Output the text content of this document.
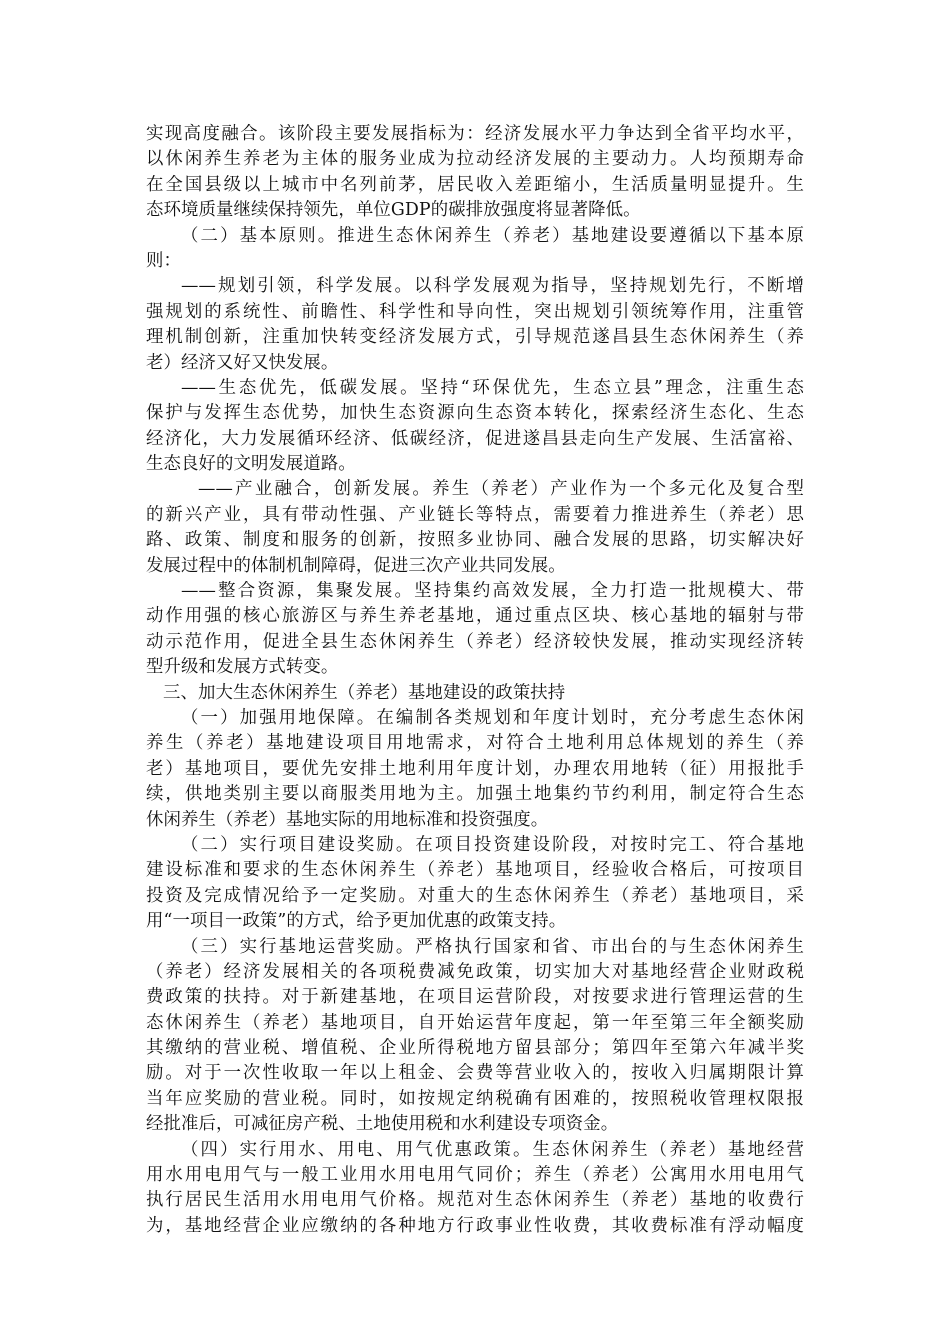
实现高度融合。该阶段主要发展指标为：经济发展水平力争达到全省平均水平，
以休闲养生养老为主体的服务业成为拉动经济发展的主要动力。人均预期寿命
在全国县级以上城市中名列前茅，居民收入差距缩小，生活质量明显提升。生
态环境质量继续保持领先，单位GDP的碳排放强度将显著降低。
（二）基本原则。推进生态休闲养生（养老）基地建设要遵循以下基本原
则：
——规划引领，科学发展。以科学发展观为指导，坚持规划先行，不断增
强规划的系统性、前瞻性、科学性和导向性，突出规划引领统筹作用，注重管
理机制创新，注重加快转变经济发展方式，引导规范遂昌县生态休闲养生（养
老）经济又好又快发展。
——生态优先，低碳发展。坚持“环保优先，生态立县”理念，注重生态
保护与发挥生态优势，加快生态资源向生态资本转化，探索经济生态化、生态
经济化，大力发展循环经济、低碳经济，促进遂昌县走向生产发展、生活富裕、
生态良好的文明发展道路。
——产业融合，创新发展。养生（养老）产业作为一个多元化及复合型
的新兴产业，具有带动性强、产业链长等特点，需要着力推进养生（养老）思
路、政策、制度和服务的创新，按照多业协同、融合发展的思路，切实解决好
发展过程中的体制机制障碍，促进三次产业共同发展。
——整合资源，集聚发展。坚持集约高效发展，全力打造一批规模大、带
动作用强的核心旅游区与养生养老基地，通过重点区块、核心基地的辐射与带
动示范作用，促进全县生态休闲养生（养老）经济较快发展，推动实现经济转
型升级和发展方式转变。
三、加大生态休闲养生（养老）基地建设的政策扶持
（一）加强用地保障。在编制各类规划和年度计划时，充分考虑生态休闲
养生（养老）基地建设项目用地需求，对符合土地利用总体规划的养生（养
老）基地项目，要优先安排土地利用年度计划，办理农用地转（征）用报批手
续，供地类别主要以商服类用地为主。加强土地集约节约利用，制定符合生态
休闲养生（养老）基地实际的用地标准和投资强度。
（二）实行项目建设奖励。在项目投资建设阶段，对按时完工、符合基地
建设标准和要求的生态休闲养生（养老）基地项目，经验收合格后，可按项目
投资及完成情况给予一定奖励。对重大的生态休闲养生（养老）基地项目，采
用“一项目一政策”的方式，给予更加优惠的政策支持。
（三）实行基地运营奖励。严格执行国家和省、市出台的与生态休闲养生
（养老）经济发展相关的各项税费减免政策，切实加大对基地经营企业财政税
费政策的扶持。对于新建基地，在项目运营阶段，对按要求进行管理运营的生
态休闲养生（养老）基地项目，自开始运营年度起，第一年至第三年全额奖励
其缴纳的营业税、增值税、企业所得税地方留县部分；第四年至第六年减半奖
励。对于一次性收取一年以上租金、会费等营业收入的，按收入归属期限计算
当年应奖励的营业税。同时，如按规定纳税确有困难的，按照税收管理权限报
经批准后，可减征房产税、土地使用税和水利建设专项资金。
（四）实行用水、用电、用气优惠政策。生态休闲养生（养老）基地经营
用水用电用气与一般工业用水用电用气同价；养生（养老）公寓用水用电用气
执行居民生活用水用电用气价格。规范对生态休闲养生（养老）基地的收费行
为，基地经营企业应缴纳的各种地方行政事业性收费，其收费标准有浮动幅度
